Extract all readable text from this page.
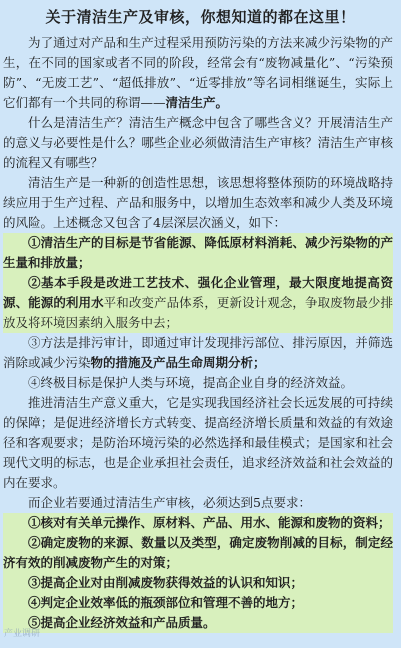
关于清洁生产及审核，你想知道的都在这里！

为了通过对产品和生产过程采用预防污染的方法来减少污染物的产生，在不同的国家或者不同的阶段，经常会有“废物减量化”、“污染预防”、“无废工艺”、“超低排放”、“近零排放”等名词相继诞生，实际上它们都有一个共同的称谓——清洁生产。

什么是清洁生产？清洁生产概念中包含了哪些含义？开展清洁生产的意义与必要性是什么？哪些企业必须做清洁生产审核？清洁生产审核的流程又有哪些？

清洁生产是一种新的创造性思想，该思想将整体预防的环境战略持续应用于生产过程、产品和服务中，以增加生态效率和减少人类及环境的风险。上述概念又包含了4层深层次涵义，如下：

①清洁生产的目标是节省能源、降低原材料消耗、减少污染物的产生量和排放量；

②基本手段是改进工艺技术、强化企业管理，最大限度地提高资源、能源的利用水平和改变产品体系，更新设计观念，争取废物最少排放及将环境因素纳入服务中去；

③方法是排污审计，即通过审计发现排污部位、排污原因，并筛选消除或减少污染物的措施及产品生命周期分析；

④终极目标是保护人类与环境，提高企业自身的经济效益。

推进清洁生产意义重大，它是实现我国经济社会长远发展的可持续的保障；是促进经济增长方式转变、提高经济增长质量和效益的有效途径和客观要求；是防治环境污染的必然选择和最佳模式；是国家和社会现代文明的标志，也是企业承担社会责任，追求经济效益和社会效益的内在要求。

而企业若要通过清洁生产审核，必须达到5点要求：

①核对有关单元操作、原材料、产品、用水、能源和废物的资料；

②确定废物的来源、数量以及类型，确定废物削减的目标，制定经济有效的削减废物产生的对策；

③提高企业对由削减废物获得效益的认识和知识；

④判定企业效率低的瓶颈部位和管理不善的地方；

⑤提高企业经济效益和产品质量。

产业调研
